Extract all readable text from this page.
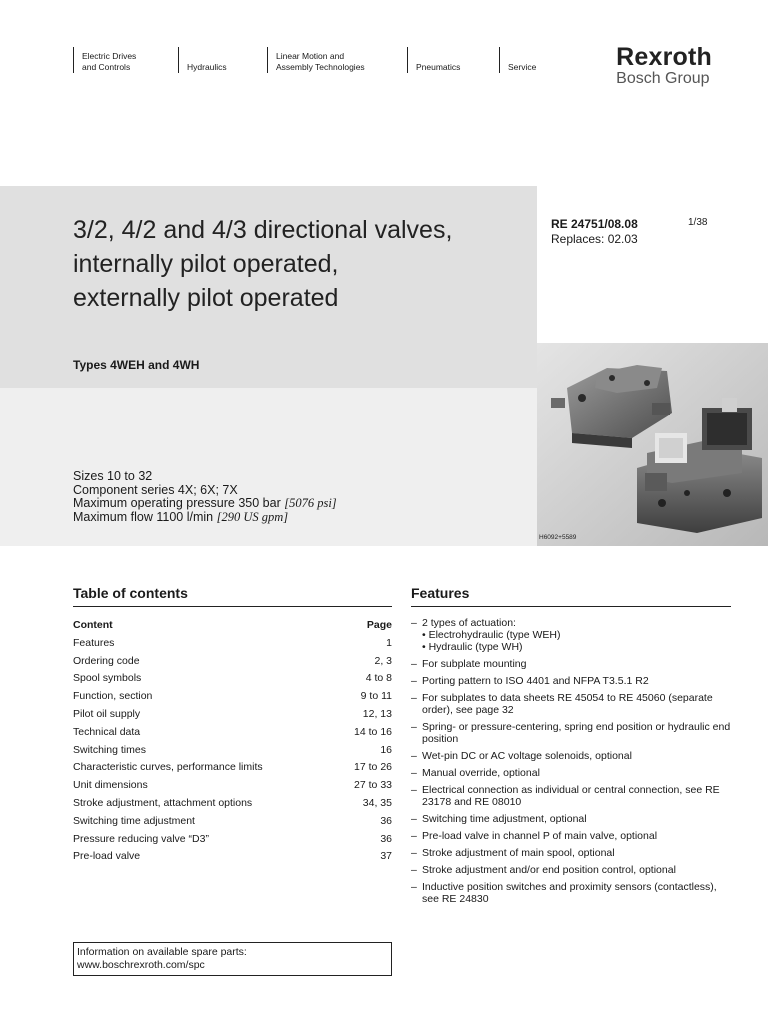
Electric Drives
and Controls	Hydraulics
Linear Motion and
Assembly Technologies	Pneumatics	Service	Rexroth
Bosch Group
3/2, 4/2 and 4/3 directional valves,
internally pilot operated,
externally pilot operated
RE 24751/08.08
Replaces: 02.03
1/38
Types 4WEH and 4WH
Sizes 10 to 32
Component series 4X; 6X; 7X
Maximum operating pressure 350 bar [5076 psi]
Maximum flow 1100 l/min [290 US gpm]
H6092+5589
Table of contents
Content	Page
Features	1
Ordering code	2, 3
Spool symbols	4 to 8
Function, section	9 to 11
Pilot oil supply	12, 13
Technical data	14 to 16
Switching times	16
Characteristic curves, performance limits	17 to 26
Unit dimensions	27 to 33
Stroke adjustment, attachment options	34, 35
Switching time adjustment	36
Pressure reducing valve “D3”	36
Pre-load valve	37
Features
– 2 types of actuation:
• Electrohydraulic (type WEH)
• Hydraulic (type WH)
– For subplate mounting
– Porting pattern to ISO 4401 and NFPA T3.5.1 R2
– For subplates to data sheets RE 45054 to RE 45060 (separate order), see page 32
– Spring- or pressure-centering, spring end position or hydraulic end position
– Wet-pin DC or AC voltage solenoids, optional
– Manual override, optional
– Electrical connection as individual or central connection, see RE 23178 and RE 08010
– Switching time adjustment, optional
– Pre-load valve in channel P of main valve, optional
– Stroke adjustment of main spool, optional
– Stroke adjustment and/or end position control, optional
– Inductive position switches and proximity sensors (contactless), see RE 24830
Information on available spare parts:
www.boschrexroth.com/spc
